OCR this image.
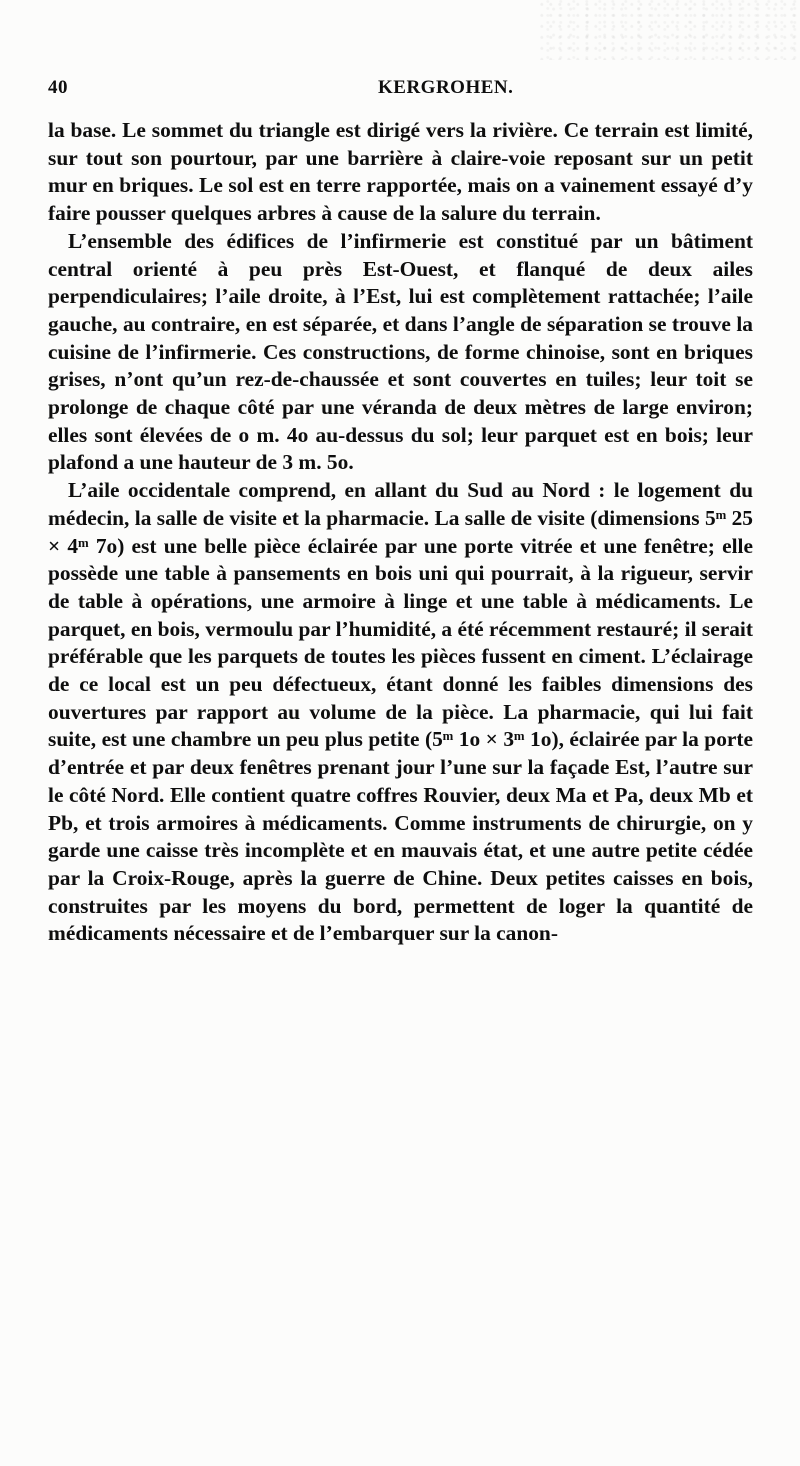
40	KERGROHEN.

la base. Le sommet du triangle est dirigé vers la rivière. Ce terrain est limité, sur tout son pourtour, par une barrière à claire-voie reposant sur un petit mur en briques. Le sol est en terre rapportée, mais on a vainement essayé d’y faire pousser quelques arbres à cause de la salure du terrain.

L’ensemble des édifices de l’infirmerie est constitué par un bâtiment central orienté à peu près Est-Ouest, et flanqué de deux ailes perpendiculaires; l’aile droite, à l’Est, lui est complètement rattachée; l’aile gauche, au contraire, en est séparée, et dans l’angle de séparation se trouve la cuisine de l’infirmerie. Ces constructions, de forme chinoise, sont en briques grises, n’ont qu’un rez-de-chaussée et sont couvertes en tuiles; leur toit se prolonge de chaque côté par une véranda de deux mètres de large environ; elles sont élevées de o m. 4o au-dessus du sol; leur parquet est en bois; leur plafond a une hauteur de 3 m. 5o.

L’aile occidentale comprend, en allant du Sud au Nord : le logement du médecin, la salle de visite et la pharmacie. La salle de visite (dimensions 5ᵐ 25 × 4ᵐ 7o) est une belle pièce éclairée par une porte vitrée et une fenêtre; elle possède une table à pansements en bois uni qui pourrait, à la rigueur, servir de table à opérations, une armoire à linge et une table à médicaments. Le parquet, en bois, vermoulu par l’humidité, a été récemment restauré; il serait préférable que les parquets de toutes les pièces fussent en ciment. L’éclairage de ce local est un peu défectueux, étant donné les faibles dimensions des ouvertures par rapport au volume de la pièce. La pharmacie, qui lui fait suite, est une chambre un peu plus petite (5ᵐ 1o × 3ᵐ 1o), éclairée par la porte d’entrée et par deux fenêtres prenant jour l’une sur la façade Est, l’autre sur le côté Nord. Elle contient quatre coffres Rouvier, deux Ma et Pa, deux Mb et Pb, et trois armoires à médicaments. Comme instruments de chirurgie, on y garde une caisse très incomplète et en mauvais état, et une autre petite cédée par la Croix-Rouge, après la guerre de Chine. Deux petites caisses en bois, construites par les moyens du bord, permettent de loger la quantité de médicaments nécessaire et de l’embarquer sur la canon-
